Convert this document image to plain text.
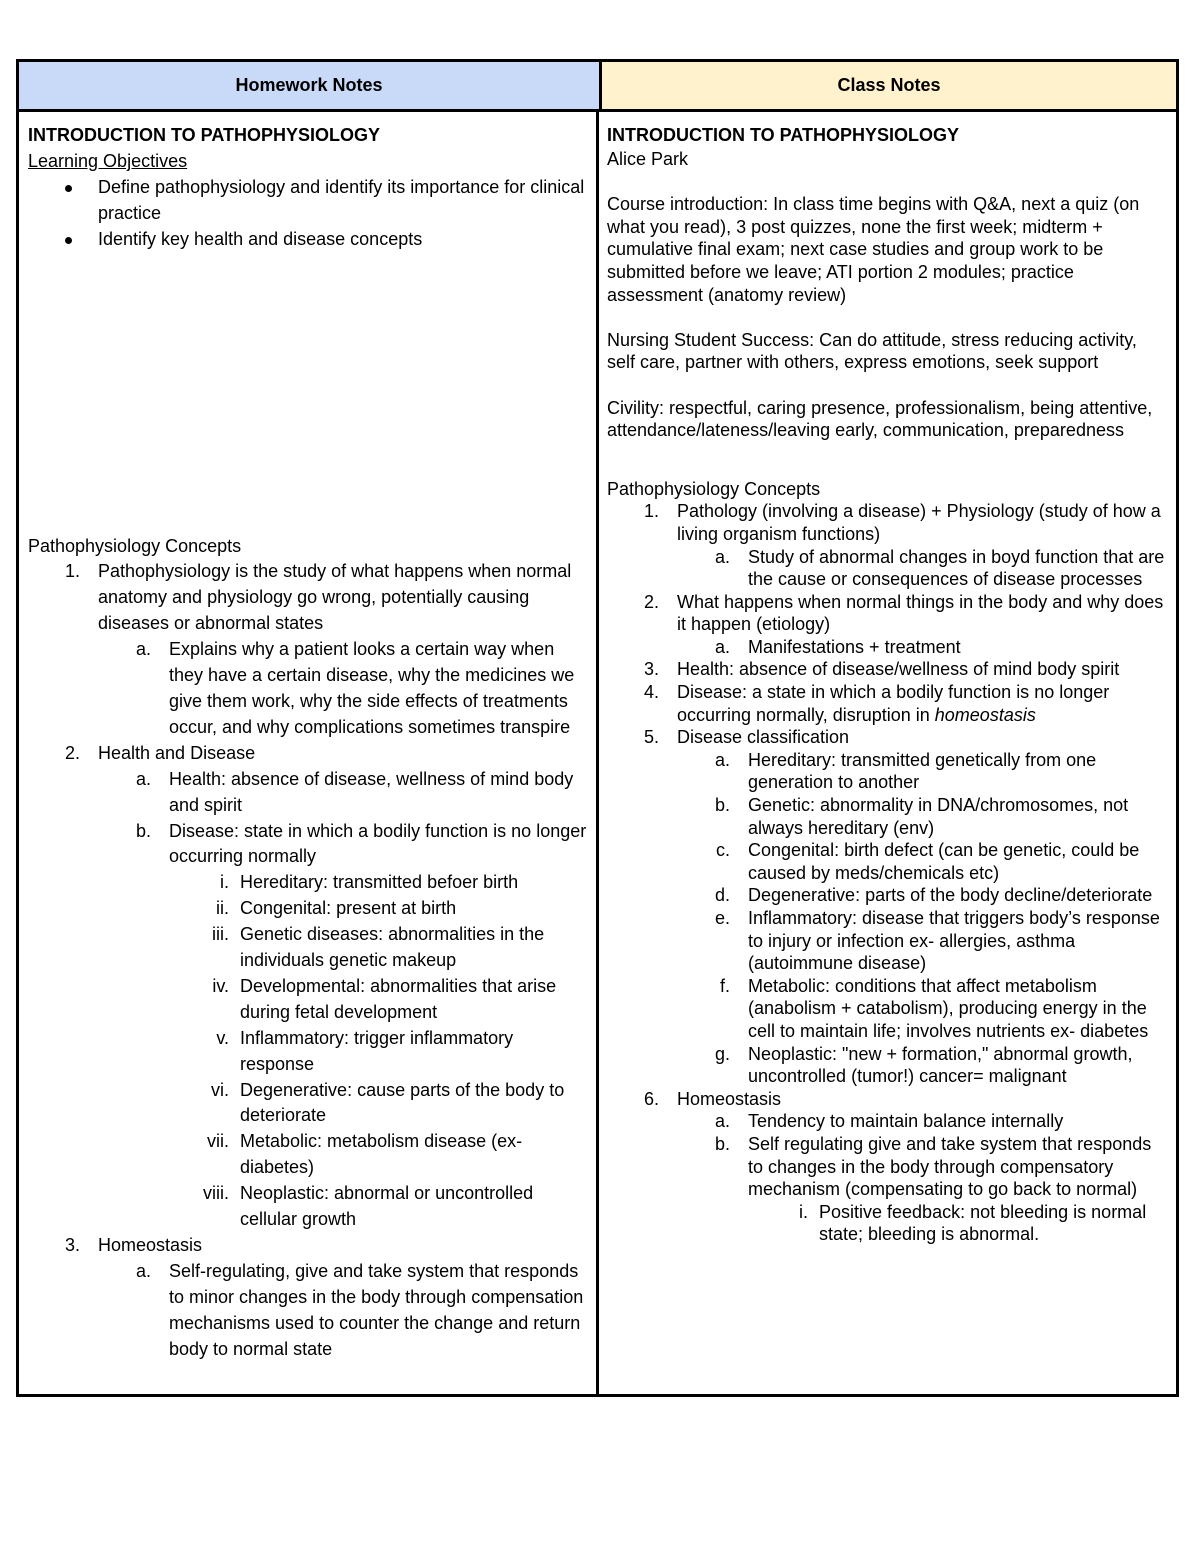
Homework Notes	Class Notes
INTRODUCTION TO PATHOPHYSIOLOGY
Learning Objectives
Define pathophysiology and identify its importance for clinical practice
Identify key health and disease concepts
Pathophysiology Concepts
1. Pathophysiology is the study of what happens when normal anatomy and physiology go wrong, potentially causing diseases or abnormal states
a. Explains why a patient looks a certain way when they have a certain disease, why the medicines we give them work, why the side effects of treatments occur, and why complications sometimes transpire
2. Health and Disease
a. Health: absence of disease, wellness of mind body and spirit
b. Disease: state in which a bodily function is no longer occurring normally
i. Hereditary: transmitted befoer birth
ii. Congenital: present at birth
iii. Genetic diseases: abnormalities in the individuals genetic makeup
iv. Developmental: abnormalities that arise during fetal development
v. Inflammatory: trigger inflammatory response
vi. Degenerative: cause parts of the body to deteriorate
vii. Metabolic: metabolism disease (ex- diabetes)
viii. Neoplastic: abnormal or uncontrolled cellular growth
3. Homeostasis
a. Self-regulating, give and take system that responds to minor changes in the body through compensation mechanisms used to counter the change and return body to normal state
INTRODUCTION TO PATHOPHYSIOLOGY
Alice Park

Course introduction: In class time begins with Q&A, next a quiz (on what you read), 3 post quizzes, none the first week; midterm + cumulative final exam; next case studies and group work to be submitted before we leave; ATI portion 2 modules; practice assessment (anatomy review)

Nursing Student Success: Can do attitude, stress reducing activity, self care, partner with others, express emotions, seek support

Civility: respectful, caring presence, professionalism, being attentive, attendance/lateness/leaving early, communication, preparedness

Pathophysiology Concepts
1. Pathology (involving a disease) + Physiology (study of how a living organism functions)
a. Study of abnormal changes in boyd function that are the cause or consequences of disease processes
2. What happens when normal things in the body and why does it happen (etiology)
a. Manifestations + treatment
3. Health: absence of disease/wellness of mind body spirit
4. Disease: a state in which a bodily function is no longer occurring normally, disruption in homeostasis
5. Disease classification
a. Hereditary: transmitted genetically from one generation to another
b. Genetic: abnormality in DNA/chromosomes, not always hereditary (env)
c. Congenital: birth defect (can be genetic, could be caused by meds/chemicals etc)
d. Degenerative: parts of the body decline/deteriorate
e. Inflammatory: disease that triggers body’s response to injury or infection ex- allergies, asthma (autoimmune disease)
f. Metabolic: conditions that affect metabolism (anabolism + catabolism), producing energy in the cell to maintain life; involves nutrients ex- diabetes
g. Neoplastic: "new + formation," abnormal growth, uncontrolled (tumor!) cancer= malignant
6. Homeostasis
a. Tendency to maintain balance internally
b. Self regulating give and take system that responds to changes in the body through compensatory mechanism (compensating to go back to normal)
i. Positive feedback: not bleeding is normal state; bleeding is abnormal.
